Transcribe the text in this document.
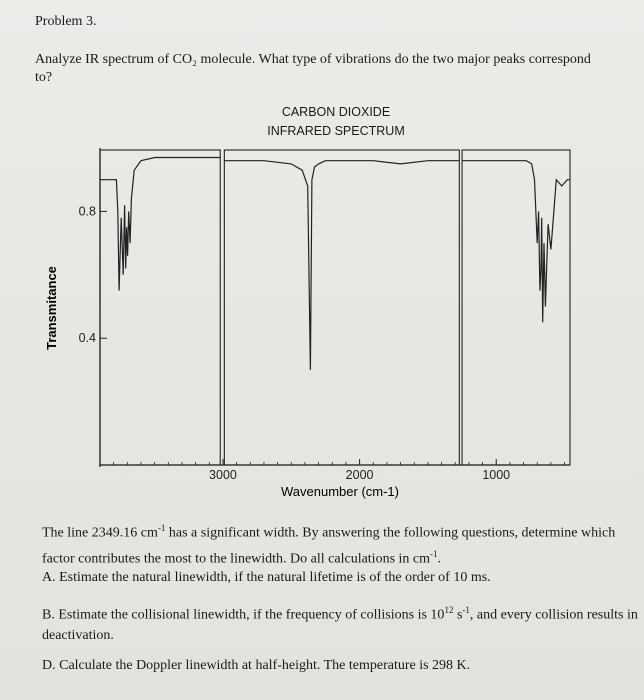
Problem 3.
Analyze IR spectrum of CO₂ molecule. What type of vibrations do the two major peaks correspond to?
CARBON DIOXIDE
INFRARED SPECTRUM
3000	2000	1000
0.8
0.4
Wavenumber (cm-1)
Transmitance
The line 2349.16 $cm^{-1}$ has a significant width. By answering the following questions, determine which factor contributes the most to the linewidth. Do all calculations in $cm^{-1}$.
A. Estimate the natural linewidth, if the natural lifetime is of the order of 10 ms.
B. Estimate the collisional linewidth, if the frequency of collisions is $10^{12}$ $s^{-1}$, and every collision results in deactivation.
D. Calculate the Doppler linewidth at half-height. The temperature is 298 K.
